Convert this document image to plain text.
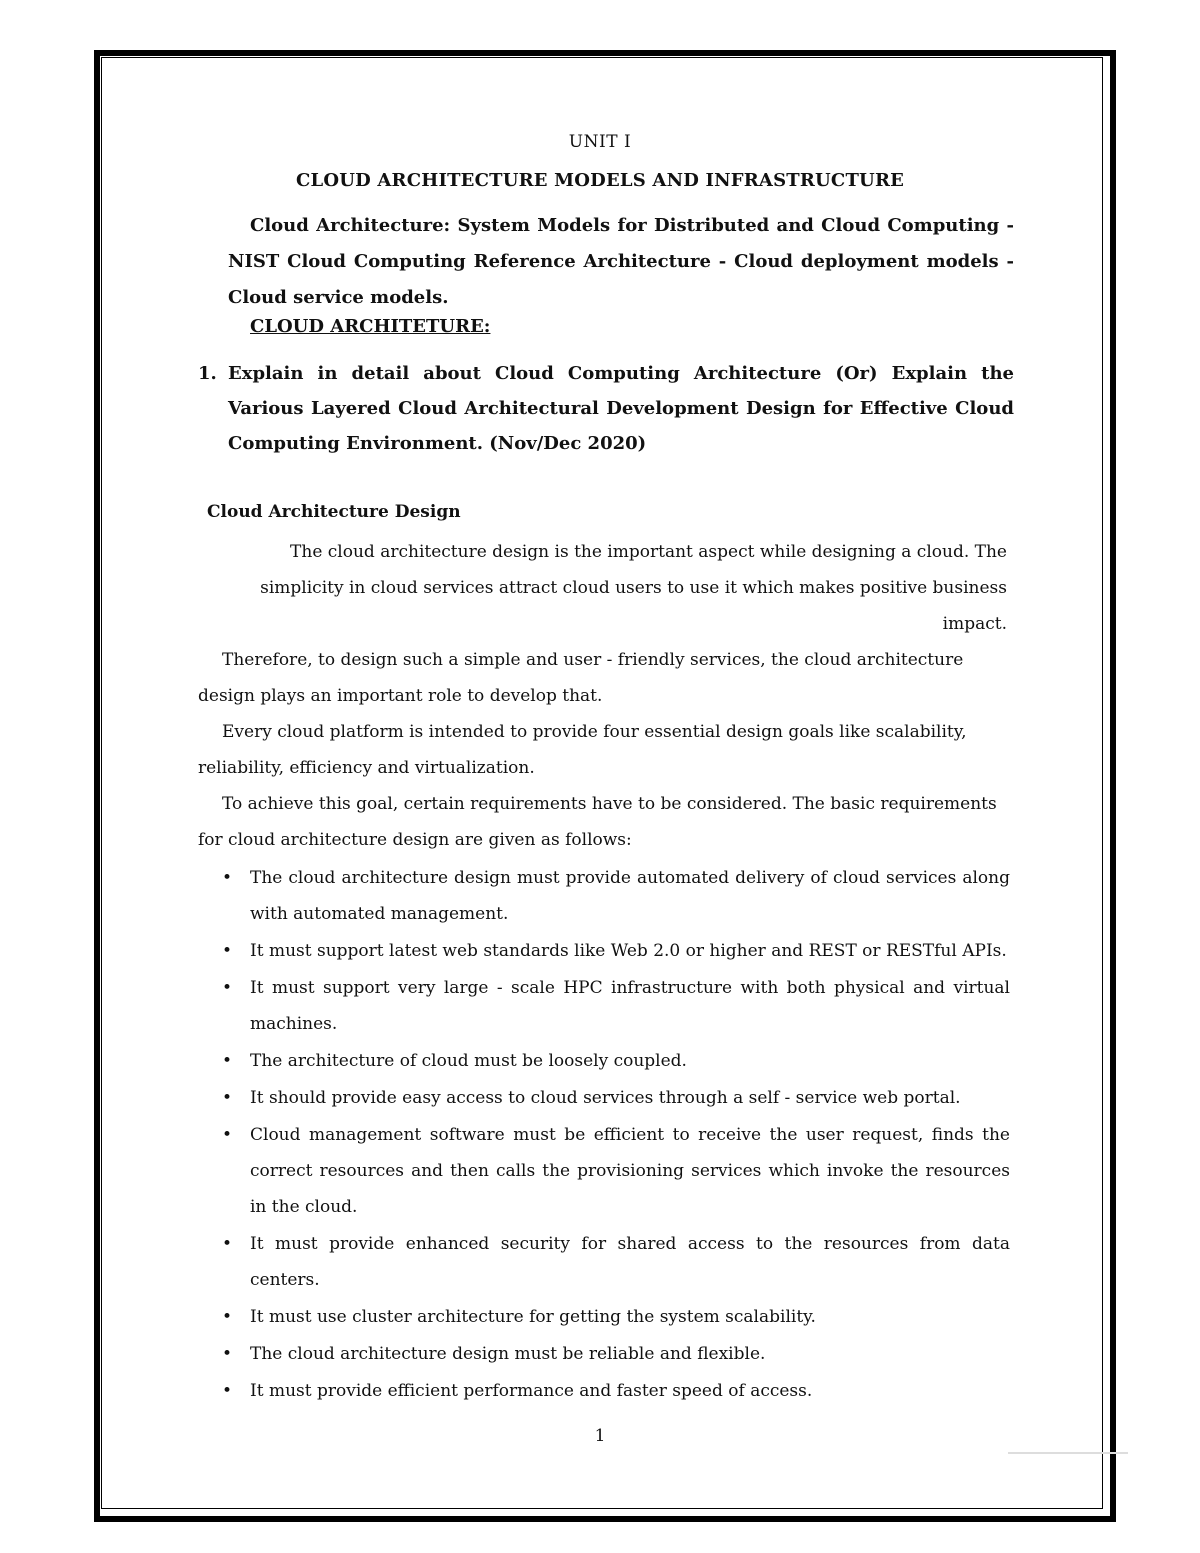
UNIT I
CLOUD ARCHITECTURE MODELS AND INFRASTRUCTURE
Cloud Architecture: System Models for Distributed and Cloud Computing - NIST Cloud Computing Reference Architecture - Cloud deployment models - Cloud service models.
CLOUD ARCHITETURE:
1. Explain in detail about Cloud Computing Architecture (Or) Explain the Various Layered Cloud Architectural Development Design for Effective Cloud Computing Environment. (Nov/Dec 2020)
Cloud Architecture Design
The cloud architecture design is the important aspect while designing a cloud. The simplicity in cloud services attract cloud users to use it which makes positive business impact.
Therefore, to design such a simple and user - friendly services, the cloud architecture design plays an important role to develop that.
Every cloud platform is intended to provide four essential design goals like scalability, reliability, efficiency and virtualization.
To achieve this goal, certain requirements have to be considered. The basic requirements for cloud architecture design are given as follows:
• The cloud architecture design must provide automated delivery of cloud services along with automated management.
• It must support latest web standards like Web 2.0 or higher and REST or RESTful APIs.
• It must support very large - scale HPC infrastructure with both physical and virtual machines.
• The architecture of cloud must be loosely coupled.
• It should provide easy access to cloud services through a self - service web portal.
• Cloud management software must be efficient to receive the user request, finds the correct resources and then calls the provisioning services which invoke the resources in the cloud.
• It must provide enhanced security for shared access to the resources from data centers.
• It must use cluster architecture for getting the system scalability.
• The cloud architecture design must be reliable and flexible.
• It must provide efficient performance and faster speed of access.
1
